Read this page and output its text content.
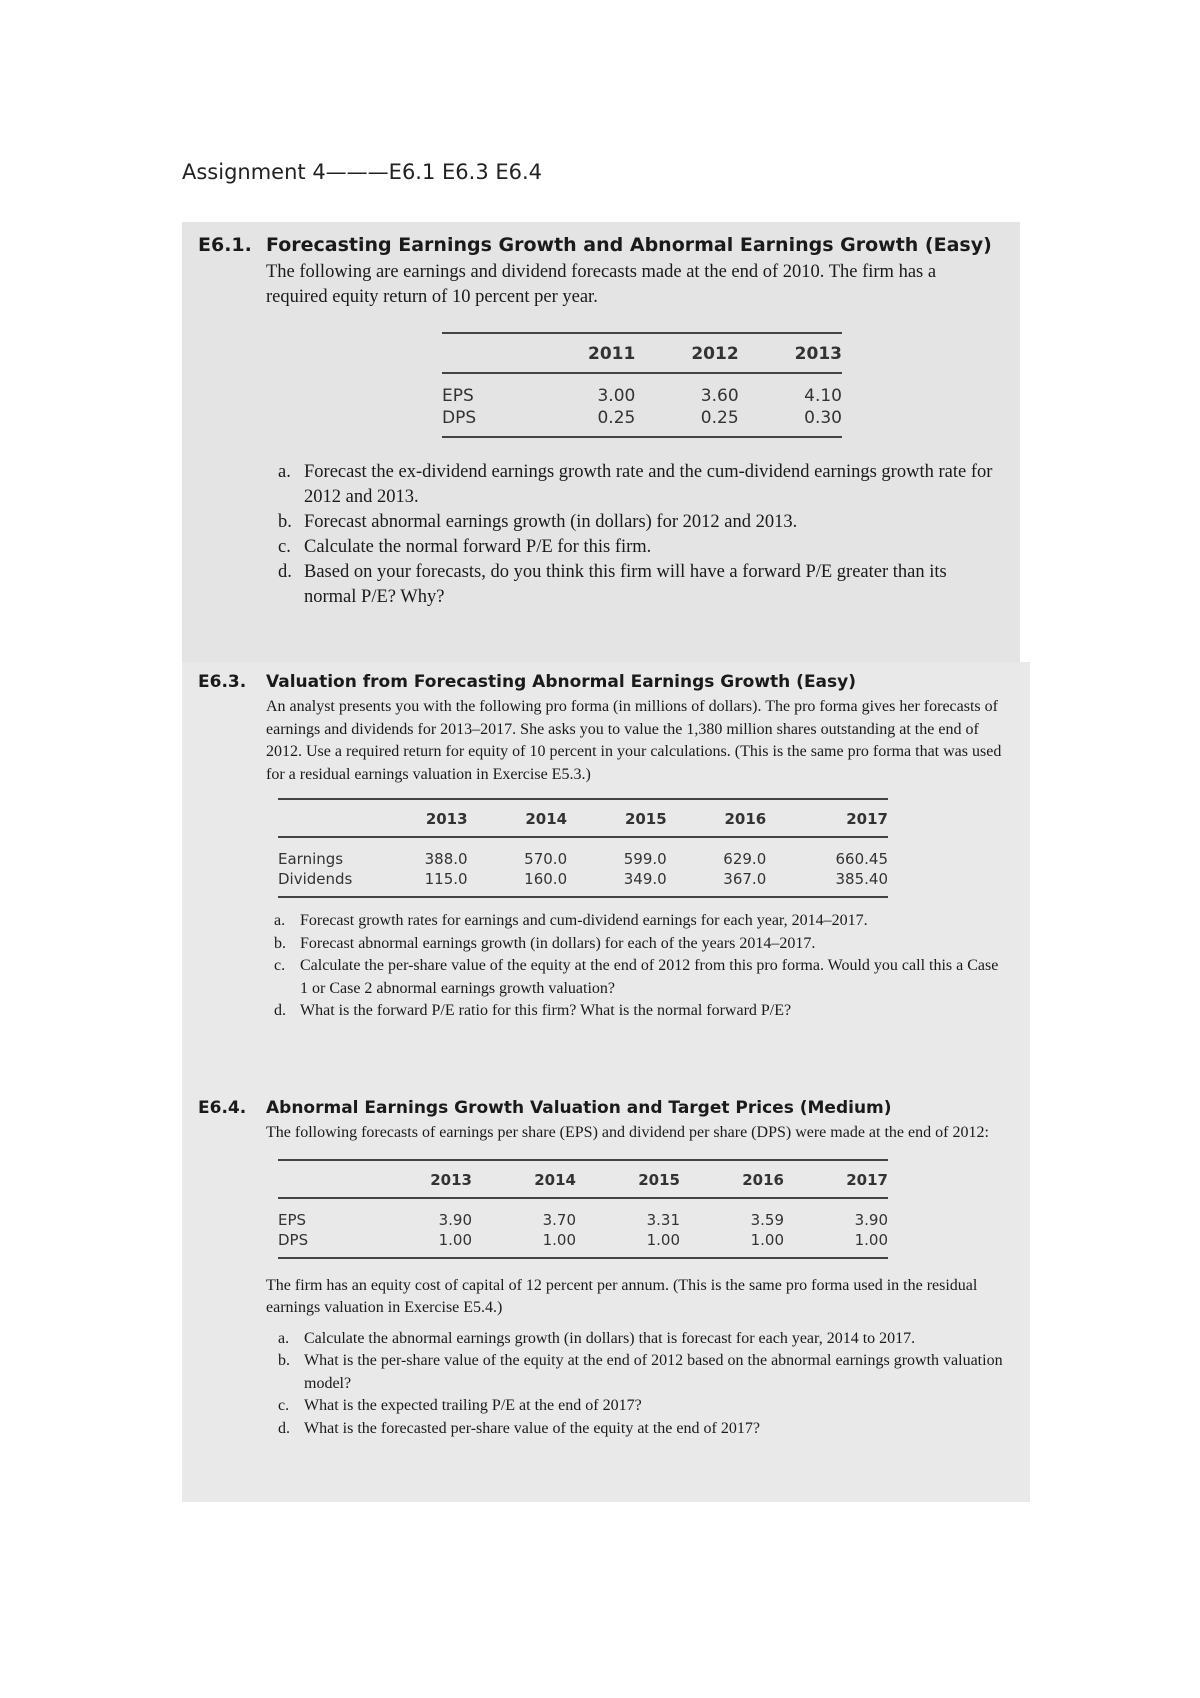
Assignment 4———E6.1 E6.3 E6.4
E6.1. Forecasting Earnings Growth and Abnormal Earnings Growth (Easy)
The following are earnings and dividend forecasts made at the end of 2010. The firm has a required equity return of 10 percent per year.
	2011	2012	2013
EPS	3.00	3.60	4.10
DPS	0.25	0.25	0.30
a. Forecast the ex-dividend earnings growth rate and the cum-dividend earnings growth rate for 2012 and 2013.
b. Forecast abnormal earnings growth (in dollars) for 2012 and 2013.
c. Calculate the normal forward P/E for this firm.
d. Based on your forecasts, do you think this firm will have a forward P/E greater than its normal P/E? Why?
E6.3. Valuation from Forecasting Abnormal Earnings Growth (Easy)
An analyst presents you with the following pro forma (in millions of dollars). The pro forma gives her forecasts of earnings and dividends for 2013–2017. She asks you to value the 1,380 million shares outstanding at the end of 2012. Use a required return for equity of 10 percent in your calculations. (This is the same pro forma that was used for a residual earnings valuation in Exercise E5.3.)
	2013	2014	2015	2016	2017
Earnings	388.0	570.0	599.0	629.0	660.45
Dividends	115.0	160.0	349.0	367.0	385.40
a. Forecast growth rates for earnings and cum-dividend earnings for each year, 2014–2017.
b. Forecast abnormal earnings growth (in dollars) for each of the years 2014–2017.
c. Calculate the per-share value of the equity at the end of 2012 from this pro forma. Would you call this a Case 1 or Case 2 abnormal earnings growth valuation?
d. What is the forward P/E ratio for this firm? What is the normal forward P/E?
E6.4. Abnormal Earnings Growth Valuation and Target Prices (Medium)
The following forecasts of earnings per share (EPS) and dividend per share (DPS) were made at the end of 2012:
	2013	2014	2015	2016	2017
EPS	3.90	3.70	3.31	3.59	3.90
DPS	1.00	1.00	1.00	1.00	1.00
The firm has an equity cost of capital of 12 percent per annum. (This is the same pro forma used in the residual earnings valuation in Exercise E5.4.)
a. Calculate the abnormal earnings growth (in dollars) that is forecast for each year, 2014 to 2017.
b. What is the per-share value of the equity at the end of 2012 based on the abnormal earnings growth valuation model?
c. What is the expected trailing P/E at the end of 2017?
d. What is the forecasted per-share value of the equity at the end of 2017?
